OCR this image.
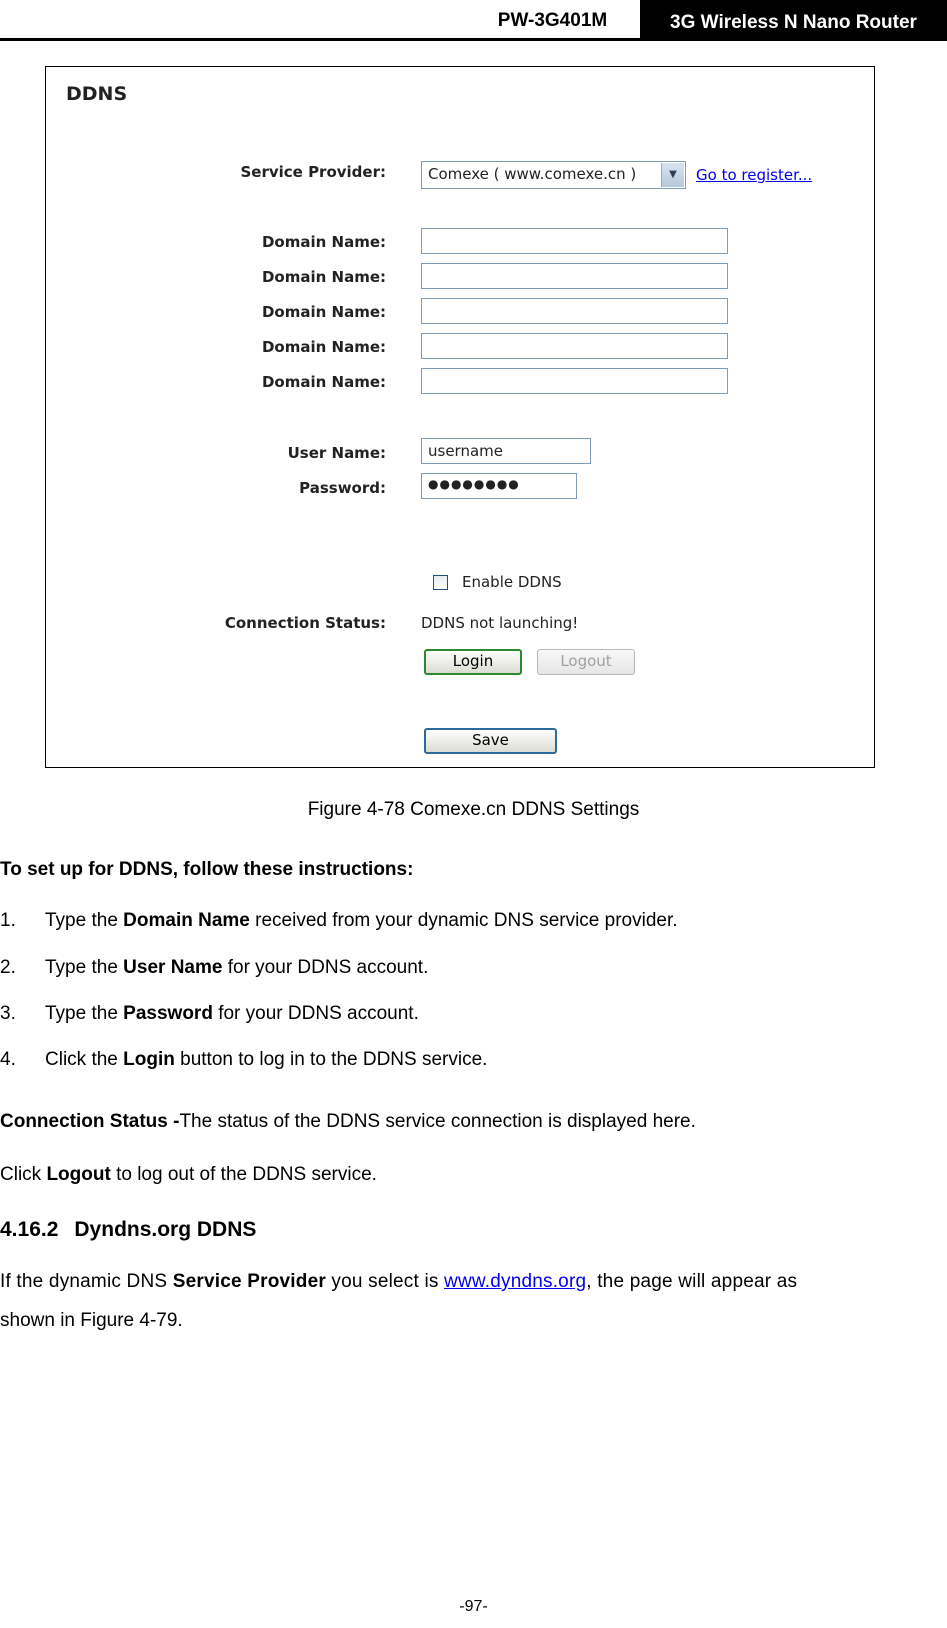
PW-3G401M	3G Wireless N Nano Router
DDNS
Service Provider:	Comexe ( www.comexe.cn )	▼	Go to register...
Domain Name:
Domain Name:
Domain Name:
Domain Name:
Domain Name:
User Name:	username
Password:	●●●●●●●●
Enable DDNS
Connection Status: DDNS not launching!
Login	Logout
Save
Figure 4-78 Comexe.cn DDNS Settings
To set up for DDNS, follow these instructions:
1. Type the Domain Name received from your dynamic DNS service provider.
2. Type the User Name for your DDNS account.
3. Type the Password for your DDNS account.
4. Click the Login button to log in to the DDNS service.
Connection Status -The status of the DDNS service connection is displayed here.
Click Logout to log out of the DDNS service.
4.16.2 Dyndns.org DDNS
If the dynamic DNS Service Provider you select is www.dyndns.org, the page will appear as
shown in Figure 4-79.
-97-
